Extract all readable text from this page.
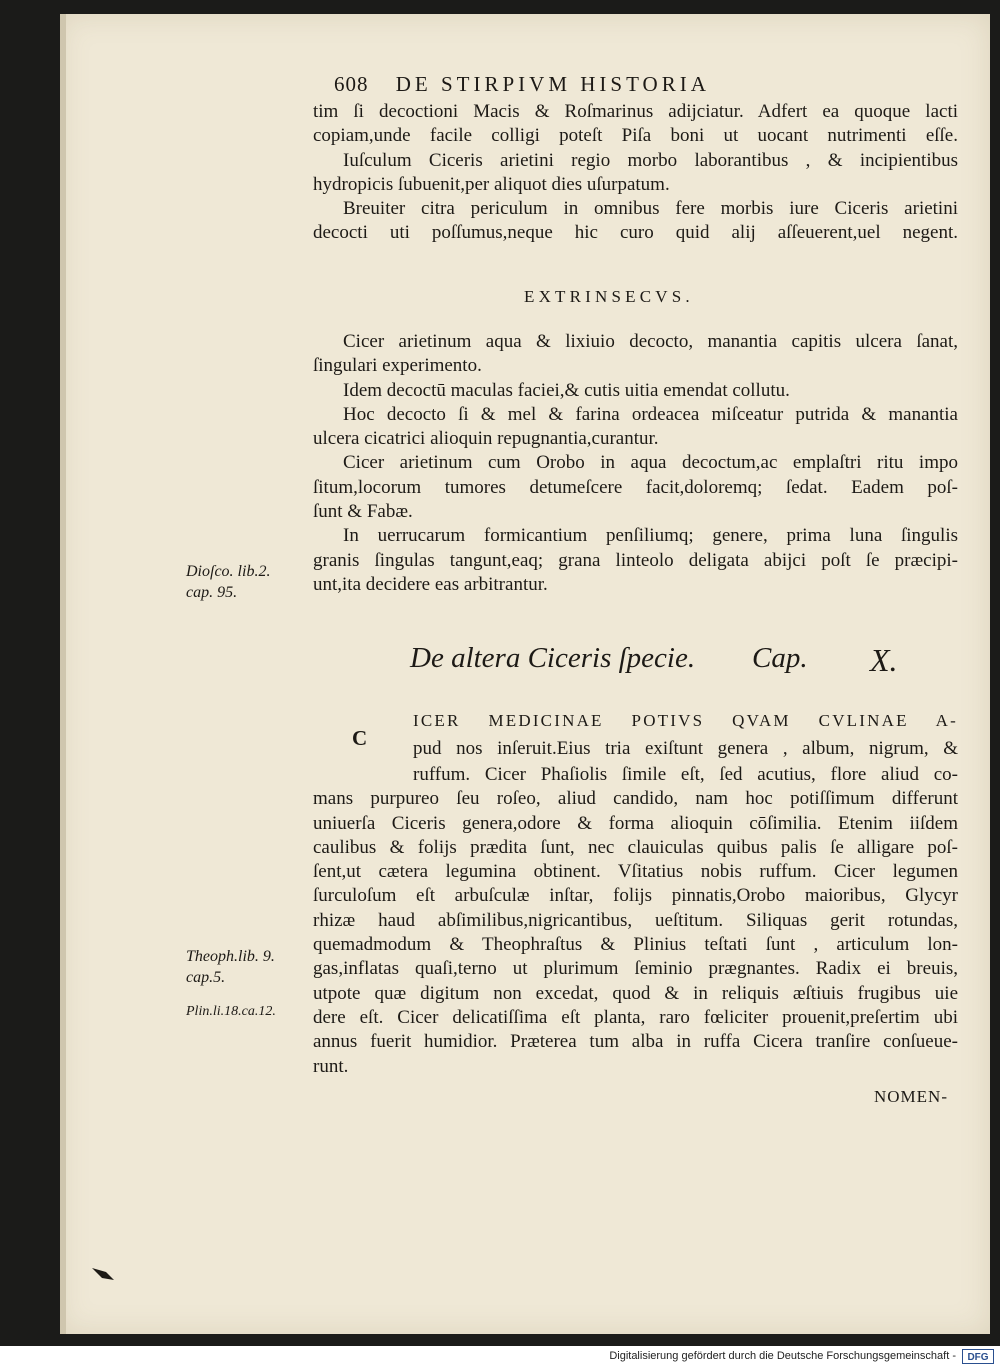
608 DE STIRPIVM HISTORIA
tim ſi decoctioni Macis & Roſmarinus adijciatur. Adfert ea quoque lacti
copiam,unde facile colligi poteſt Piſa boni ut uocant nutrimenti eſſe.
Iuſculum Ciceris arietini regio morbo laborantibus , & incipientibus
hydropicis ſubuenit,per aliquot dies uſurpatum.
Breuiter citra periculum in omnibus fere morbis iure Ciceris arietini
decocti uti poſſumus,neque hic curo quid alij aſſeuerent,uel negent.
EXTRINSECVS.
Cicer arietinum aqua & lixiuio decocto, manantia capitis ulcera ſanat,
ſingulari experimento.
Idem decoctū maculas faciei,& cutis uitia emendat collutu.
Hoc decocto ſi & mel & farina ordeacea miſceatur putrida & manantia
ulcera cicatrici alioquin repugnantia,curantur.
Cicer arietinum cum Orobo in aqua decoctum,ac emplaſtri ritu impo
ſitum,locorum tumores detumeſcere facit,doloremq; ſedat. Eadem poſ-
ſunt & Fabæ.
In uerrucarum formicantium penſiliumq; genere, prima luna ſingulis
granis ſingulas tangunt,eaq; grana linteolo deligata abijci poſt ſe præcipi-
unt,ita decidere eas arbitrantur.
Dioſco. lib.2.
cap. 95.
De altera Ciceris ſpecie. Cap. X.
C
ICER MEDICINAE POTIVS QVAM CVLINAE A-
pud nos inſeruit.Eius tria exiſtunt genera , album, nigrum, &
ruffum. Cicer Phaſiolis ſimile eſt, ſed acutius, flore aliud co-
mans purpureo ſeu roſeo, aliud candido, nam hoc potiſſimum differunt
uniuerſa Ciceris genera,odore & forma alioquin cōſimilia. Etenim iiſdem
caulibus & folijs prædita ſunt, nec clauiculas quibus palis ſe alligare poſ-
ſent,ut cætera legumina obtinent. Vſitatius nobis ruffum. Cicer legumen
ſurculoſum eſt arbuſculæ inſtar, folijs pinnatis,Orobo maioribus, Glycyr
rhizæ haud abſimilibus,nigricantibus, ueſtitum. Siliquas gerit rotundas,
quemadmodum & Theophraſtus & Plinius teſtati ſunt , articulum lon-
gas,inflatas quaſi,terno ut plurimum ſeminio prægnantes. Radix ei breuis,
utpote quæ digitum non excedat, quod & in reliquis æſtiuis frugibus uie
dere eſt. Cicer delicatiſſima eſt planta, raro fœliciter prouenit,preſertim ubi
annus fuerit humidior. Præterea tum alba in ruffa Cicera tranſire conſueue-
runt.
Theoph.lib. 9.
cap.5.
Plin.li.18.ca.12.
NOMEN-
Digitalisierung gefördert durch die Deutsche Forschungsgemeinschaft -	DFG
